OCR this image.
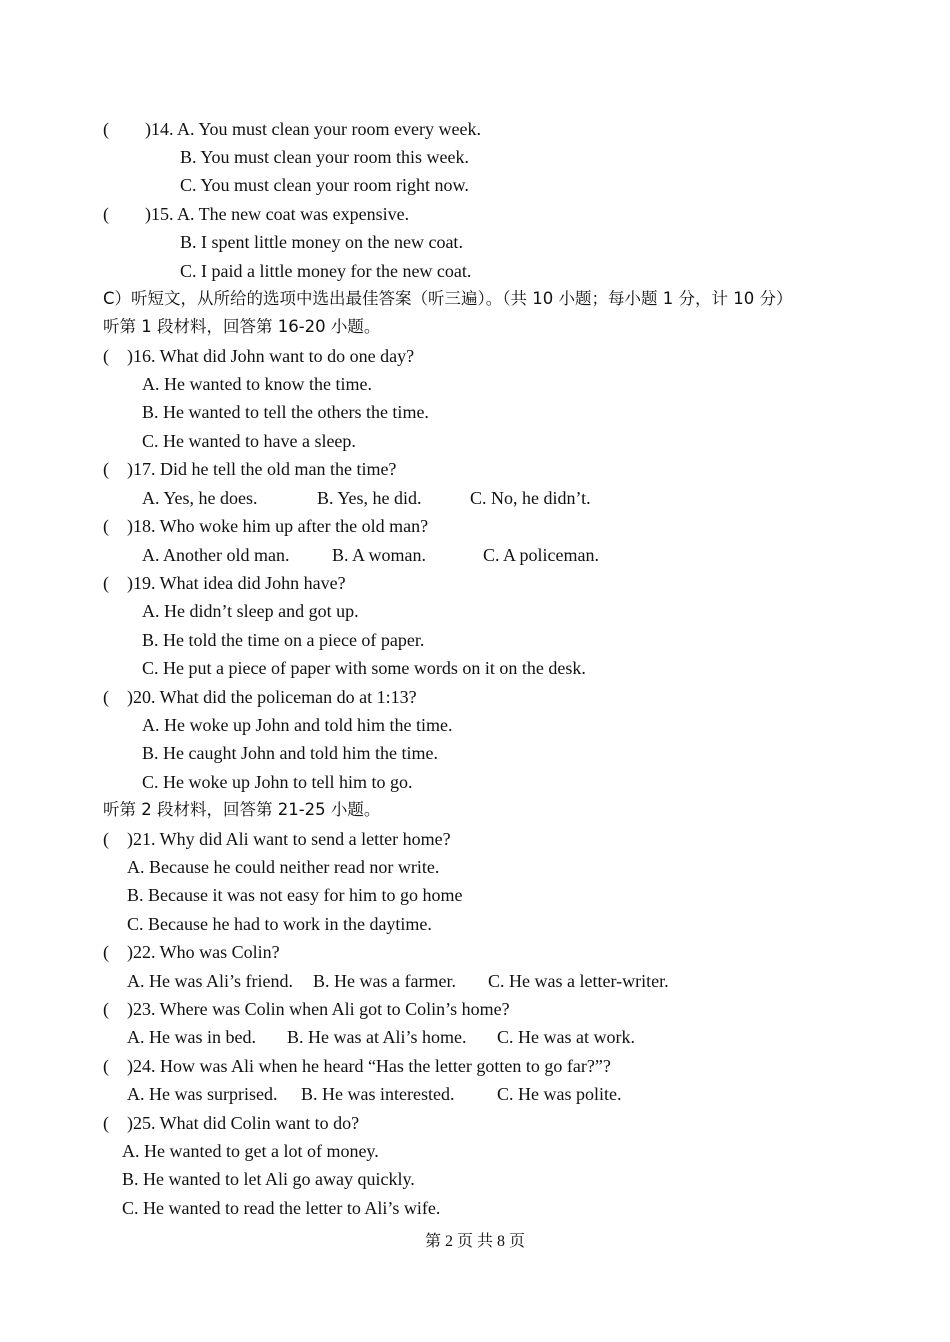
(        )14. A. You must clean your room every week.
B. You must clean your room this week.
C. You must clean your room right now.
(        )15. A. The new coat was expensive.
B. I spent little money on the new coat.
C. I paid a little money for the new coat.
C）听短文，从所给的选项中选出最佳答案（听三遍）。（共 10 小题；每小题 1 分，计 10 分）
听第 1 段材料，回答第 16-20 小题。
(    )16. What did John want to do one day?
A. He wanted to know the time.
B. He wanted to tell the others the time.
C. He wanted to have a sleep.
(    )17. Did he tell the old man the time?

A. Yes, he does.

	B. Yes, he did.

	C. No, he didn’t.

(    )18. Who woke him up after the old man?

A. Another old man.

B. A woman.

	C. A policeman.

(    )19. What idea did John have?
A. He didn’t sleep and got up.
B. He told the time on a piece of paper.
C. He put a piece of paper with some words on it on the desk.
(    )20. What did the policeman do at 1:13?
A. He woke up John and told him the time.
B. He caught John and told him the time.
C. He woke up John to tell him to go.
听第 2 段材料，回答第 21-25 小题。
(    )21. Why did Ali want to send a letter home?
A. Because he could neither read nor write.
B. Because it was not easy for him to go home
C. Because he had to work in the daytime.
(    )22. Who was Colin?

A. He was Ali’s friend.

B. He was a farmer.

C. He was a letter-writer.

(    )23. Where was Colin when Ali got to Colin’s home?

A. He was in bed.

B. He was at Ali’s home.

C. He was at work.

(    )24. How was Ali when he heard “Has the letter gotten to go far?”?

A. He was surprised.

B. He was interested.

C. He was polite.

(    )25. What did Colin want to do?
A. He wanted to get a lot of money.
B. He wanted to let Ali go away quickly.
C. He wanted to read the letter to Ali’s wife.
第 2 页 共 8 页
